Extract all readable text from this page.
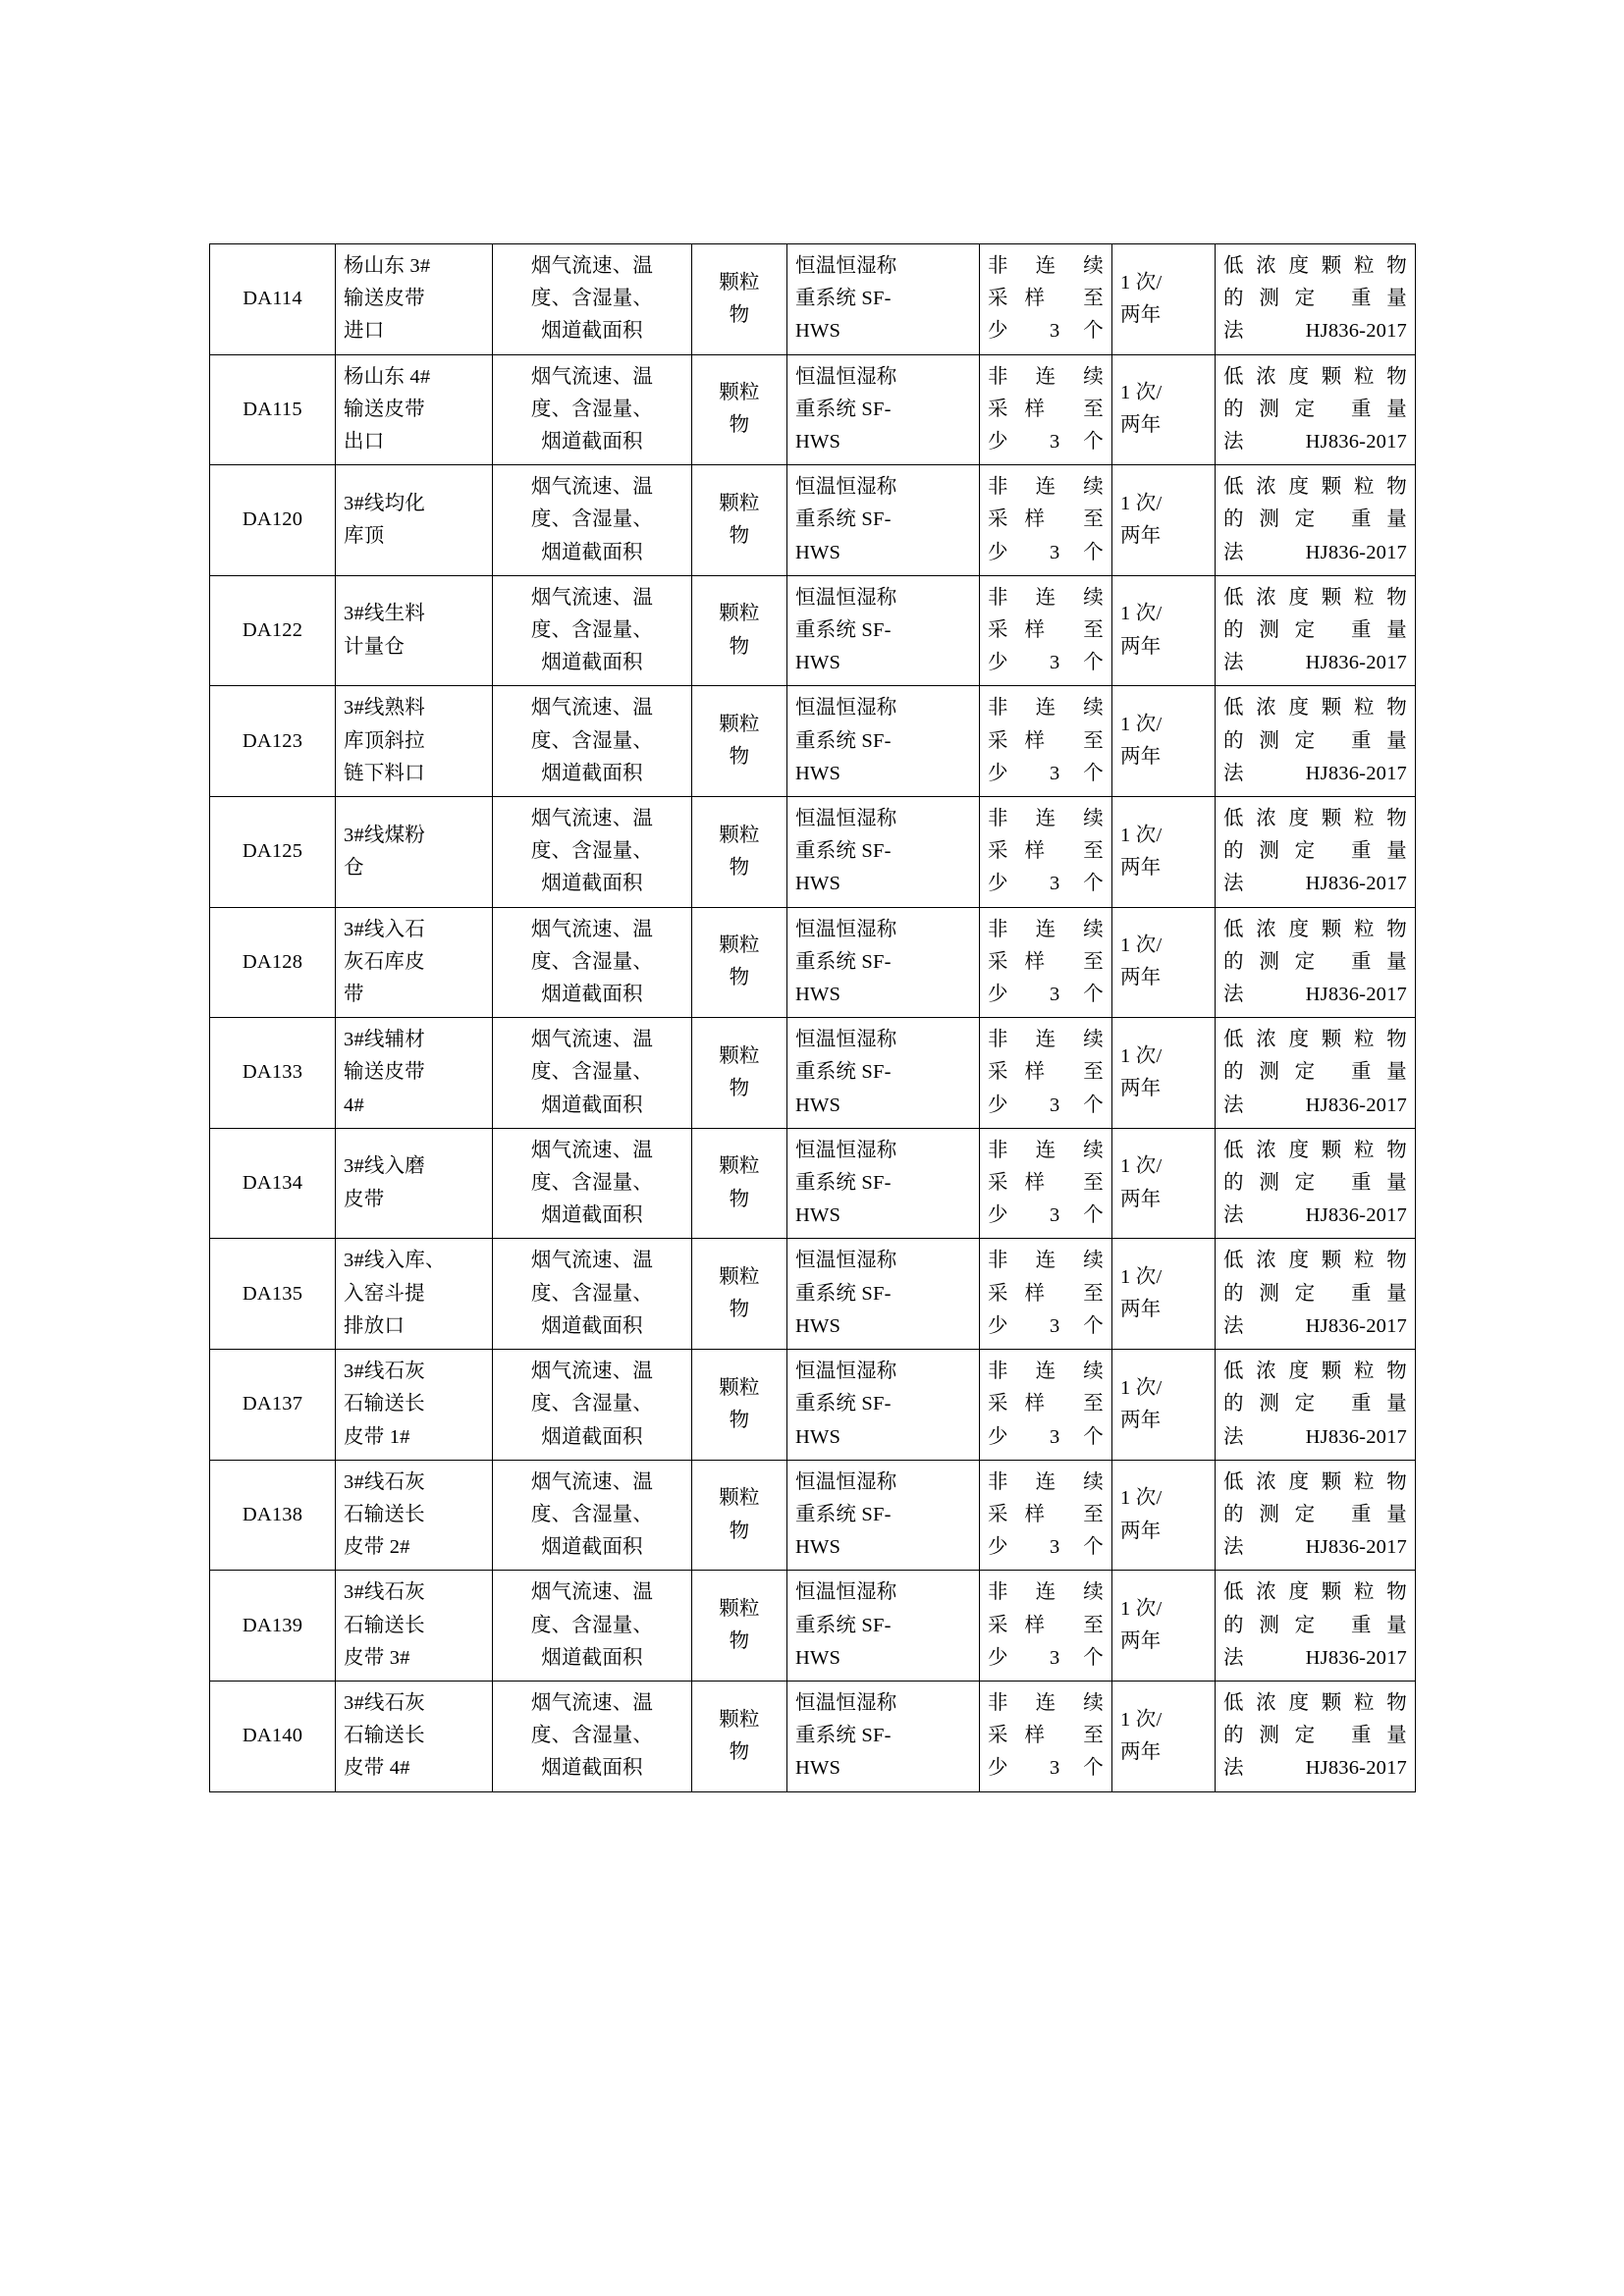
DA114	杨山东 3#
输送皮带
进口	烟气流速、温
度、含湿量、
烟道截面积	颗粒
物	恒温恒湿称
重系统 SF-
HWS	非连续
采样 至
少 3 个	1 次/
两年	低浓度颗粒物
的测定 重量
法 HJ836-2017

DA115	杨山东 4#
输送皮带
出口	烟气流速、温
度、含湿量、
烟道截面积	颗粒
物	恒温恒湿称
重系统 SF-
HWS	非连续
采样 至
少 3 个	1 次/
两年	低浓度颗粒物
的测定 重量
法 HJ836-2017

DA120	3#线均化
库顶	烟气流速、温
度、含湿量、
烟道截面积	颗粒
物	恒温恒湿称
重系统 SF-
HWS	非连续
采样 至
少 3 个	1 次/
两年	低浓度颗粒物
的测定 重量
法 HJ836-2017

DA122	3#线生料
计量仓	烟气流速、温
度、含湿量、
烟道截面积	颗粒
物	恒温恒湿称
重系统 SF-
HWS	非连续
采样 至
少 3 个	1 次/
两年	低浓度颗粒物
的测定 重量
法 HJ836-2017

DA123	3#线熟料
库顶斜拉
链下料口	烟气流速、温
度、含湿量、
烟道截面积	颗粒
物	恒温恒湿称
重系统 SF-
HWS	非连续
采样 至
少 3 个	1 次/
两年	低浓度颗粒物
的测定 重量
法 HJ836-2017

DA125	3#线煤粉
仓	烟气流速、温
度、含湿量、
烟道截面积	颗粒
物	恒温恒湿称
重系统 SF-
HWS	非连续
采样 至
少 3 个	1 次/
两年	低浓度颗粒物
的测定 重量
法 HJ836-2017

DA128	3#线入石
灰石库皮
带	烟气流速、温
度、含湿量、
烟道截面积	颗粒
物	恒温恒湿称
重系统 SF-
HWS	非连续
采样 至
少 3 个	1 次/
两年	低浓度颗粒物
的测定 重量
法 HJ836-2017

DA133	3#线辅材
输送皮带
4#	烟气流速、温
度、含湿量、
烟道截面积	颗粒
物	恒温恒湿称
重系统 SF-
HWS	非连续
采样 至
少 3 个	1 次/
两年	低浓度颗粒物
的测定 重量
法 HJ836-2017

DA134	3#线入磨
皮带	烟气流速、温
度、含湿量、
烟道截面积	颗粒
物	恒温恒湿称
重系统 SF-
HWS	非连续
采样 至
少 3 个	1 次/
两年	低浓度颗粒物
的测定 重量
法 HJ836-2017

DA135	3#线入库、
入窑斗提
排放口	烟气流速、温
度、含湿量、
烟道截面积	颗粒
物	恒温恒湿称
重系统 SF-
HWS	非连续
采样 至
少 3 个	1 次/
两年	低浓度颗粒物
的测定 重量
法 HJ836-2017

DA137	3#线石灰
石输送长
皮带 1#	烟气流速、温
度、含湿量、
烟道截面积	颗粒
物	恒温恒湿称
重系统 SF-
HWS	非连续
采样 至
少 3 个	1 次/
两年	低浓度颗粒物
的测定 重量
法 HJ836-2017

DA138	3#线石灰
石输送长
皮带 2#	烟气流速、温
度、含湿量、
烟道截面积	颗粒
物	恒温恒湿称
重系统 SF-
HWS	非连续
采样 至
少 3 个	1 次/
两年	低浓度颗粒物
的测定 重量
法 HJ836-2017

DA139	3#线石灰
石输送长
皮带 3#	烟气流速、温
度、含湿量、
烟道截面积	颗粒
物	恒温恒湿称
重系统 SF-
HWS	非连续
采样 至
少 3 个	1 次/
两年	低浓度颗粒物
的测定 重量
法 HJ836-2017

DA140	3#线石灰
石输送长
皮带 4#	烟气流速、温
度、含湿量、
烟道截面积	颗粒
物	恒温恒湿称
重系统 SF-
HWS	非连续
采样 至
少 3 个	1 次/
两年	低浓度颗粒物
的测定 重量
法 HJ836-2017
